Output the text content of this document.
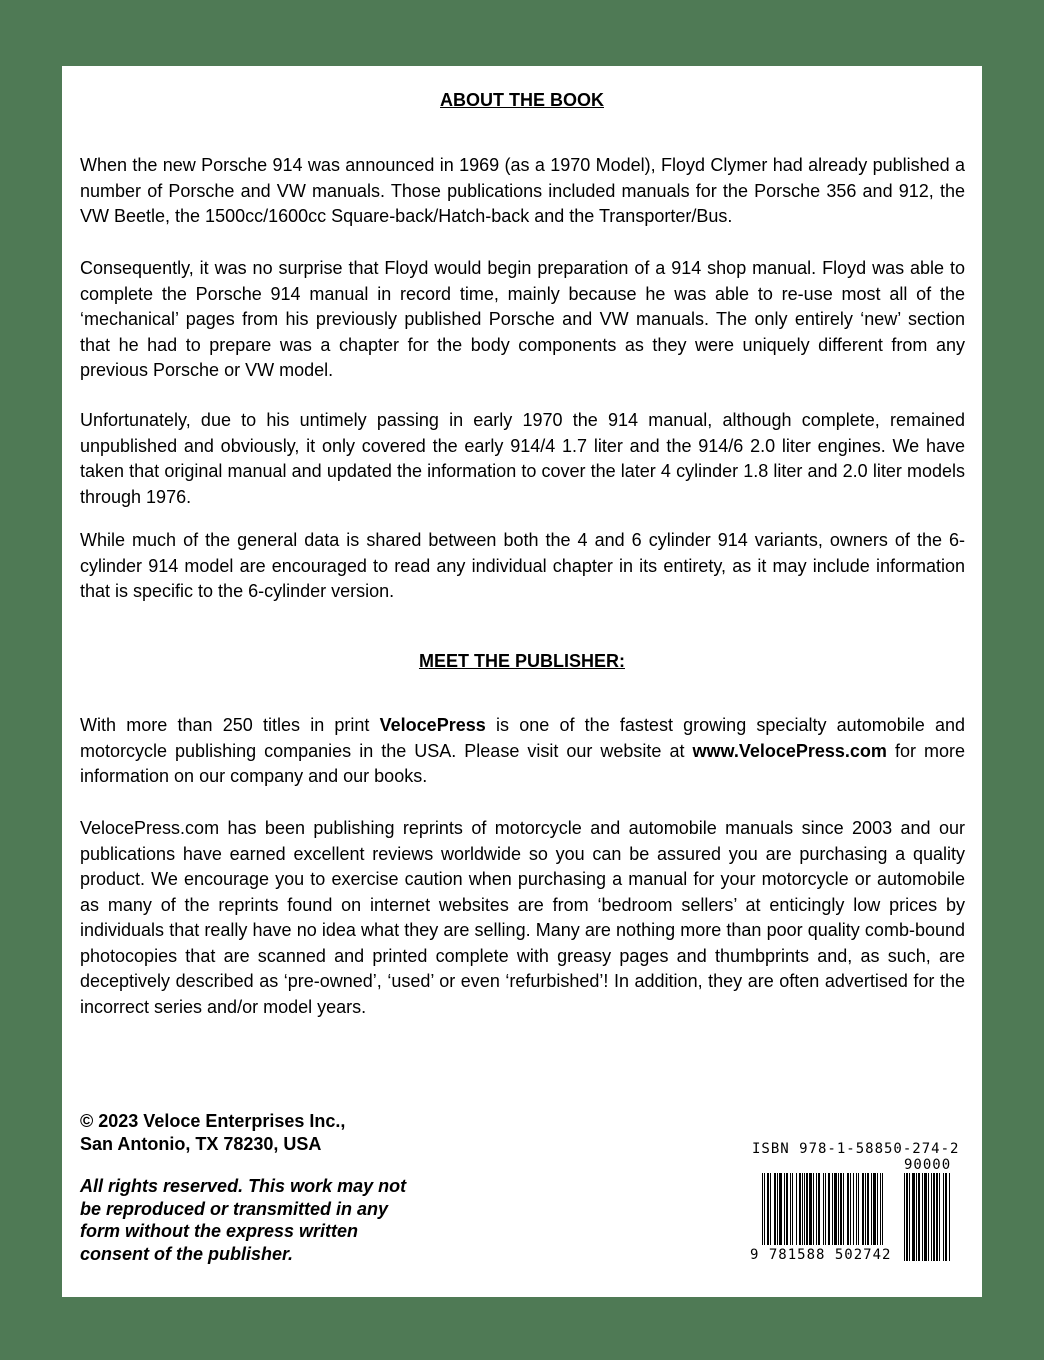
ABOUT THE BOOK
When the new Porsche 914 was announced in 1969 (as a 1970 Model), Floyd Clymer had already published a number of Porsche and VW manuals. Those publications included manuals for the Porsche 356 and 912, the VW Beetle, the 1500cc/1600cc Square-back/Hatch-back and the Transporter/Bus.
Consequently, it was no surprise that Floyd would begin preparation of a 914 shop manual. Floyd was able to complete the Porsche 914 manual in record time, mainly because he was able to re-use most all of the ‘mechanical’ pages from his previously published Porsche and VW manuals. The only entirely ‘new’ section that he had to prepare was a chapter for the body components as they were uniquely different from any previous Porsche or VW model.
Unfortunately, due to his untimely passing in early 1970 the 914 manual, although complete, remained unpublished and obviously, it only covered the early 914/4 1.7 liter and the 914/6 2.0 liter engines. We have taken that original manual and updated the information to cover the later 4 cylinder 1.8 liter and 2.0 liter models through 1976.
While much of the general data is shared between both the 4 and 6 cylinder 914 variants, owners of the 6-cylinder 914 model are encouraged to read any individual chapter in its entirety, as it may include information that is specific to the 6-cylinder version.
MEET THE PUBLISHER:
With more than 250 titles in print VelocePress is one of the fastest growing specialty automobile and motorcycle publishing companies in the USA. Please visit our website at www.VelocePress.com for more information on our company and our books.
VelocePress.com has been publishing reprints of motorcycle and automobile manuals since 2003 and our publications have earned excellent reviews worldwide so you can be assured you are purchasing a quality product. We encourage you to exercise caution when purchasing a manual for your motorcycle or automobile as many of the reprints found on internet websites are from ‘bedroom sellers’ at enticingly low prices by individuals that really have no idea what they are selling. Many are nothing more than poor quality comb-bound photocopies that are scanned and printed complete with greasy pages and thumbprints and, as such, are deceptively described as ‘pre-owned’, ‘used’ or even ‘refurbished’! In addition, they are often advertised for the incorrect series and/or model years.
© 2023 Veloce Enterprises Inc.,
San Antonio, TX 78230, USA
All rights reserved. This work may not
be reproduced or transmitted in any
form without the express written
consent of the publisher.
ISBN 978-1-58850-274-2
90000
9 781588 502742
